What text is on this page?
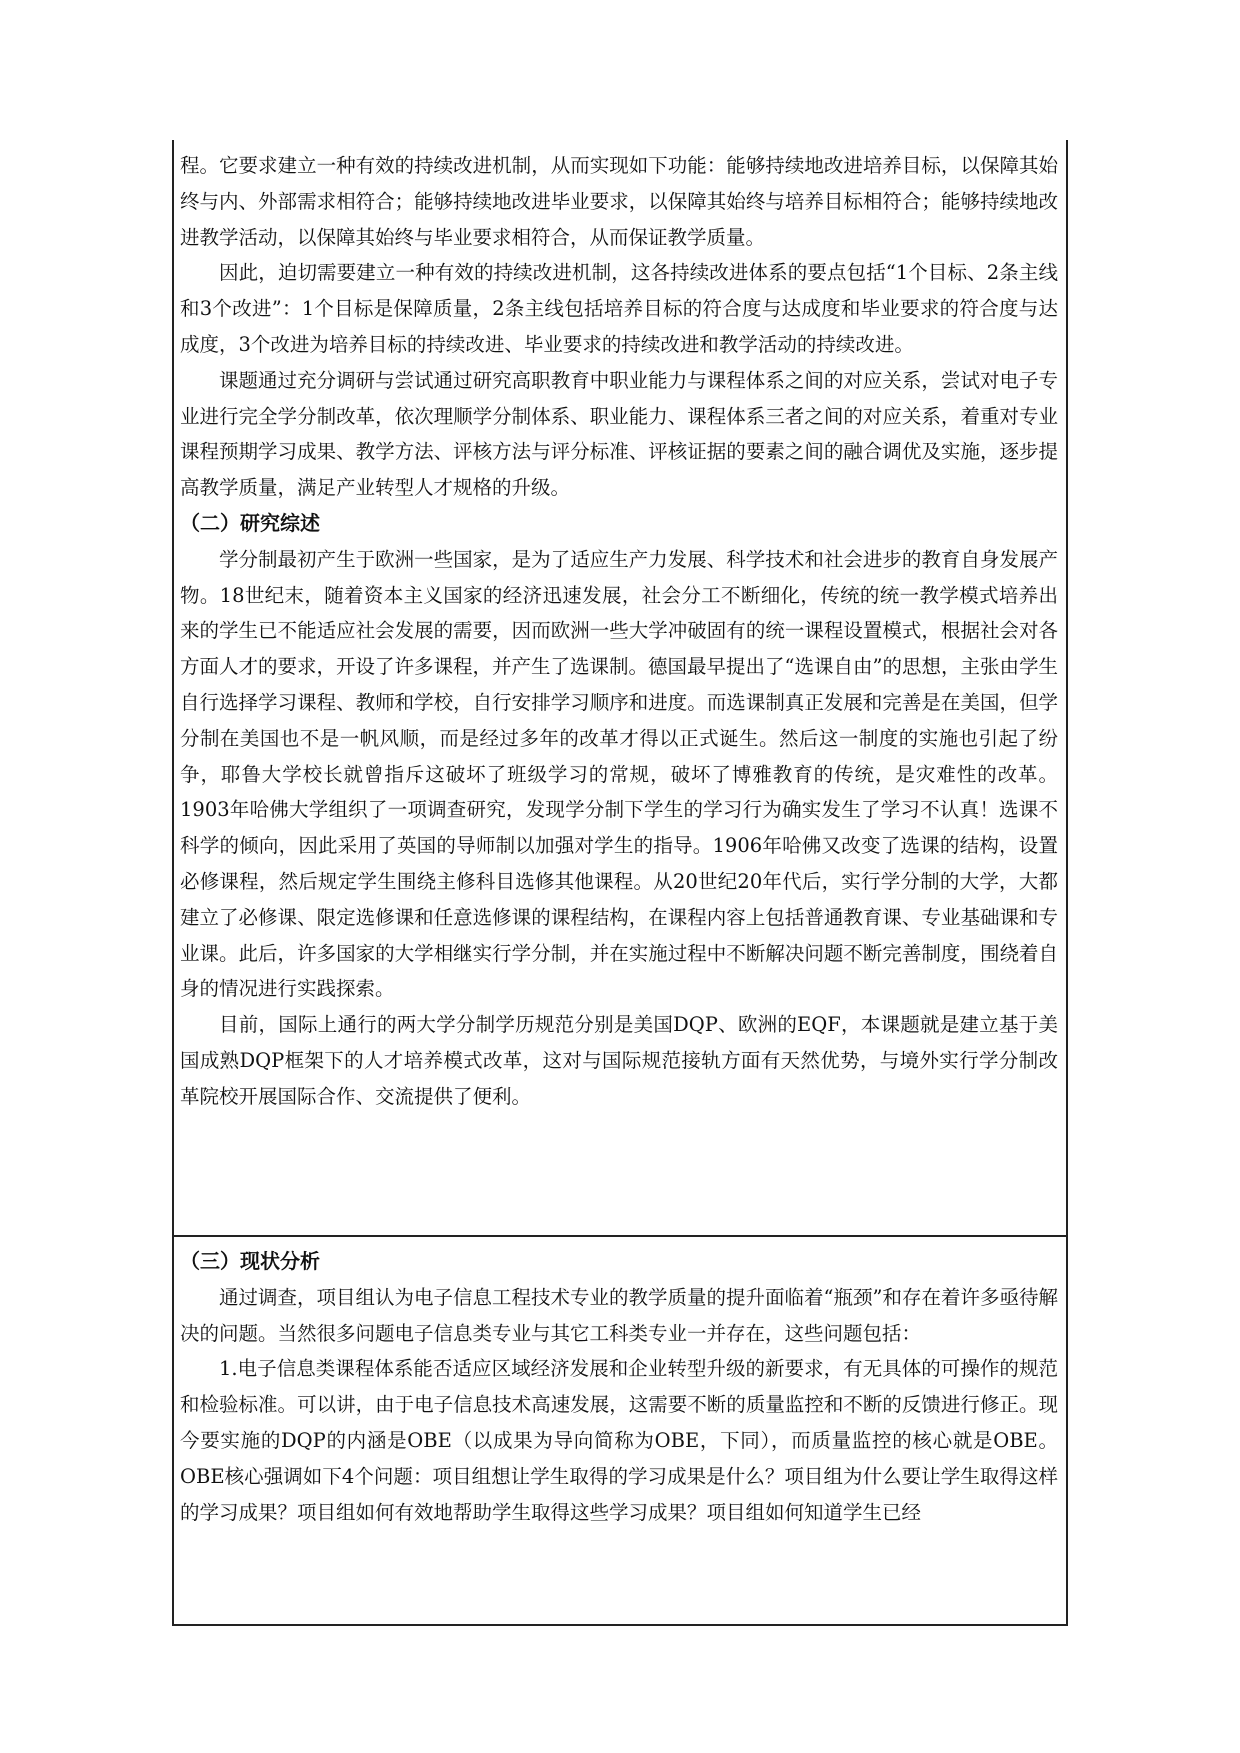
程。它要求建立一种有效的持续改进机制，从而实现如下功能：能够持续地改进培养目标，以保障其始终与内、外部需求相符合；能够持续地改进毕业要求，以保障其始终与培养目标相符合；能够持续地改进教学活动，以保障其始终与毕业要求相符合，从而保证教学质量。

因此，迫切需要建立一种有效的持续改进机制，这各持续改进体系的要点包括“1个目标、2条主线和3个改进”：1个目标是保障质量，2条主线包括培养目标的符合度与达成度和毕业要求的符合度与达成度，3个改进为培养目标的持续改进、毕业要求的持续改进和教学活动的持续改进。

课题通过充分调研与尝试通过研究高职教育中职业能力与课程体系之间的对应关系，尝试对电子专业进行完全学分制改革，依次理顺学分制体系、职业能力、课程体系三者之间的对应关系，着重对专业课程预期学习成果、教学方法、评核方法与评分标准、评核证据的要素之间的融合调优及实施，逐步提高教学质量，满足产业转型人才规格的升级。

（二）研究综述

学分制最初产生于欧洲一些国家，是为了适应生产力发展、科学技术和社会进步的教育自身发展产物。18世纪末，随着资本主义国家的经济迅速发展，社会分工不断细化，传统的统一教学模式培养出来的学生已不能适应社会发展的需要，因而欧洲一些大学冲破固有的统一课程设置模式，根据社会对各方面人才的要求，开设了许多课程，并产生了选课制。德国最早提出了“选课自由”的思想，主张由学生自行选择学习课程、教师和学校，自行安排学习顺序和进度。而选课制真正发展和完善是在美国，但学分制在美国也不是一帆风顺，而是经过多年的改革才得以正式诞生。然后这一制度的实施也引起了纷争，耶鲁大学校长就曾指斥这破坏了班级学习的常规，破坏了博雅教育的传统，是灾难性的改革。1903年哈佛大学组织了一项调查研究，发现学分制下学生的学习行为确实发生了学习不认真！选课不科学的倾向，因此采用了英国的导师制以加强对学生的指导。1906年哈佛又改变了选课的结构，设置必修课程，然后规定学生围绕主修科目选修其他课程。从20世纪20年代后，实行学分制的大学，大都建立了必修课、限定选修课和任意选修课的课程结构，在课程内容上包括普通教育课、专业基础课和专业课。此后，许多国家的大学相继实行学分制，并在实施过程中不断解决问题不断完善制度，围绕着自身的情况进行实践探索。

目前，国际上通行的两大学分制学历规范分别是美国DQP、欧洲的EQF，本课题就是建立基于美国成熟DQP框架下的人才培养模式改革，这对与国际规范接轨方面有天然优势，与境外实行学分制改革院校开展国际合作、交流提供了便利。

（三）现状分析

通过调查，项目组认为电子信息工程技术专业的教学质量的提升面临着“瓶颈”和存在着许多亟待解决的问题。当然很多问题电子信息类专业与其它工科类专业一并存在，这些问题包括：

1.电子信息类课程体系能否适应区域经济发展和企业转型升级的新要求，有无具体的可操作的规范和检验标准。可以讲，由于电子信息技术高速发展，这需要不断的质量监控和不断的反馈进行修正。现今要实施的DQP的内涵是OBE（以成果为导向简称为OBE，下同），而质量监控的核心就是OBE。OBE核心强调如下4个问题：项目组想让学生取得的学习成果是什么？项目组为什么要让学生取得这样的学习成果？项目组如何有效地帮助学生取得这些学习成果？项目组如何知道学生已经
